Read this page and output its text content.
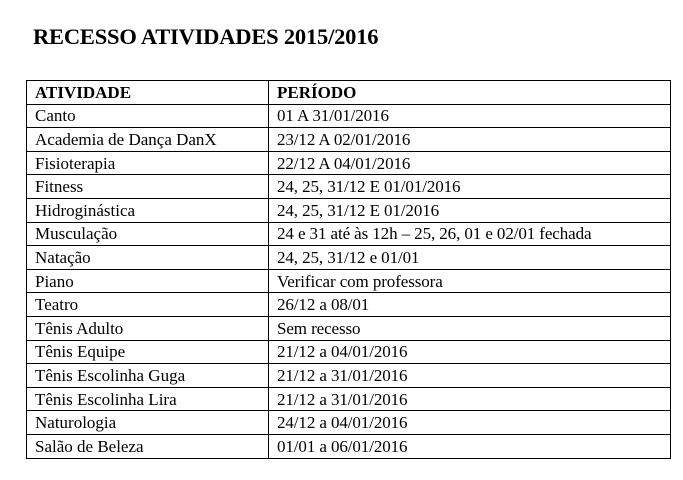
RECESSO ATIVIDADES 2015/2016
ATIVIDADE	PERÍODO
Canto	01 A 31/01/2016
Academia de Dança DanX	23/12 A 02/01/2016
Fisioterapia	22/12 A 04/01/2016
Fitness	24, 25, 31/12 E 01/01/2016
Hidroginástica	24, 25, 31/12 E 01/2016
Musculação	24 e 31 até às 12h – 25, 26, 01 e 02/01 fechada
Natação	24, 25, 31/12 e 01/01
Piano	Verificar com professora
Teatro	26/12 a 08/01
Tênis Adulto	Sem recesso
Tênis Equipe	21/12 a 04/01/2016
Tênis Escolinha Guga	21/12 a 31/01/2016
Tênis Escolinha Lira	21/12 a 31/01/2016
Naturologia	24/12 a 04/01/2016
Salão de Beleza	01/01 a 06/01/2016
